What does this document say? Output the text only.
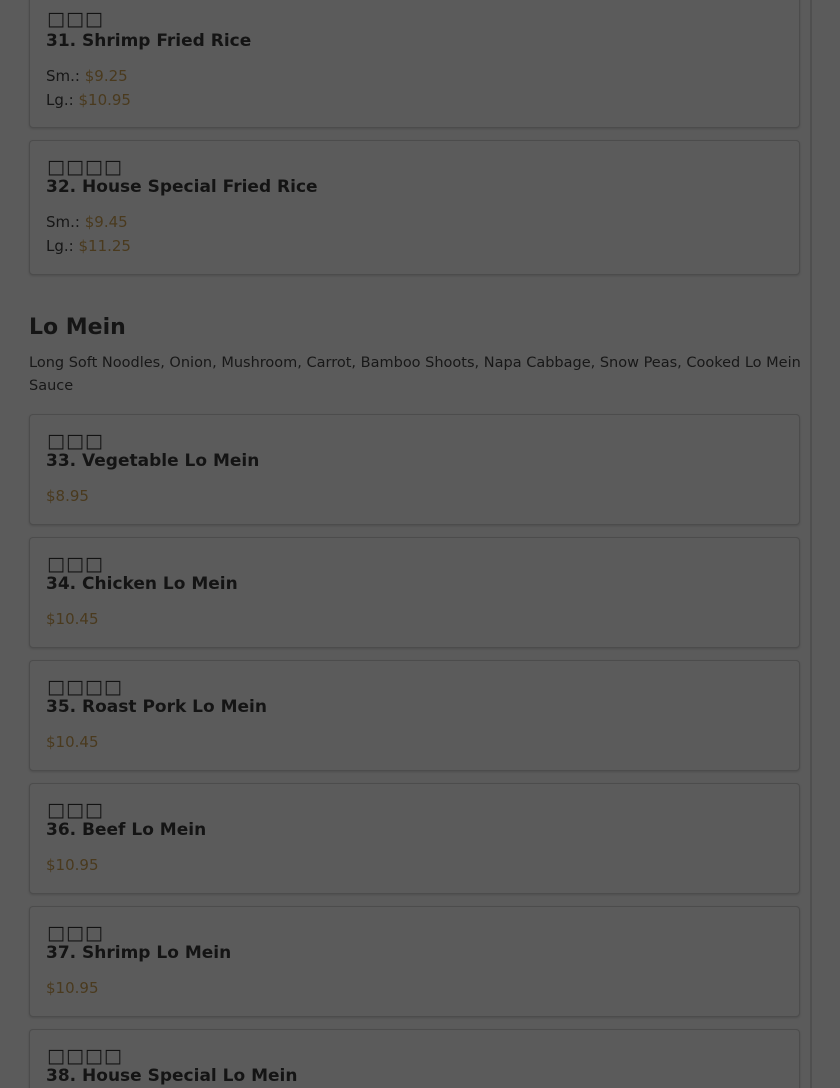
□□□
31. Shrimp Fried Rice
Sm.: $9.25
Lg.: $10.95
□□□□
32. House Special Fried Rice
Sm.: $9.45
Lg.: $11.25
Lo Mein
Long Soft Noodles, Onion, Mushroom, Carrot, Bamboo Shoots, Napa Cabbage, Snow Peas, Cooked Lo Mein Sauce
□□□
33. Vegetable Lo Mein
$8.95
□□□
34. Chicken Lo Mein
$10.45
□□□□
35. Roast Pork Lo Mein
$10.45
□□□
36. Beef Lo Mein
$10.95
□□□
37. Shrimp Lo Mein
$10.95
□□□□
38. House Special Lo Mein
